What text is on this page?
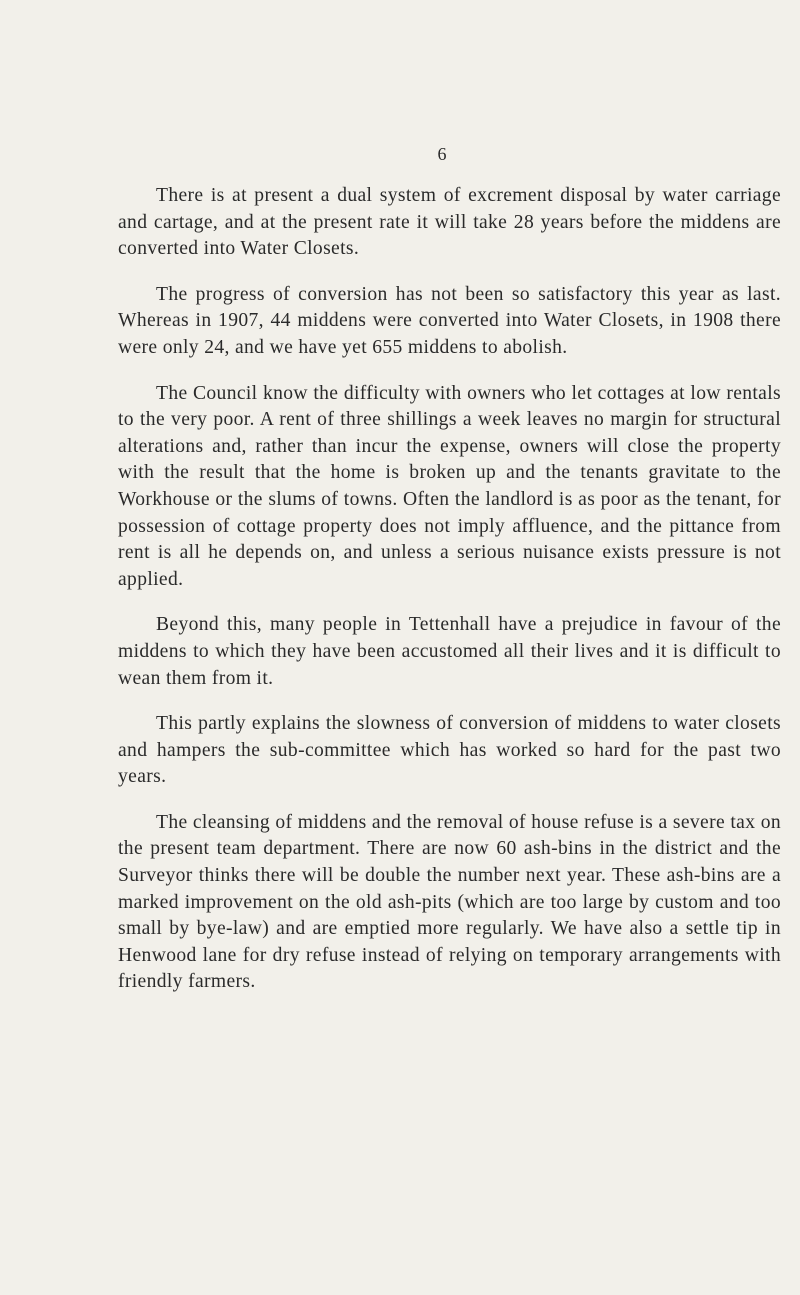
6

There is at present a dual system of excrement disposal by water carriage and cartage, and at the present rate it will take 28 years before the middens are converted into Water Closets.

The progress of conversion has not been so satisfactory this year as last. Whereas in 1907, 44 middens were converted into Water Closets, in 1908 there were only 24, and we have yet 655 middens to abolish.

The Council know the difficulty with owners who let cottages at low rentals to the very poor. A rent of three shillings a week leaves no margin for structural alterations and, rather than incur the expense, owners will close the property with the result that the home is broken up and the tenants gravitate to the Workhouse or the slums of towns. Often the landlord is as poor as the tenant, for possession of cottage property does not imply affluence, and the pittance from rent is all he depends on, and unless a serious nuisance exists pressure is not applied.

Beyond this, many people in Tettenhall have a prejudice in favour of the middens to which they have been accustomed all their lives and it is difficult to wean them from it.

This partly explains the slowness of conversion of middens to water closets and hampers the sub-committee which has worked so hard for the past two years.

The cleansing of middens and the removal of house refuse is a severe tax on the present team department. There are now 60 ash-bins in the district and the Surveyor thinks there will be double the number next year. These ash-bins are a marked improvement on the old ash-pits (which are too large by custom and too small by bye-law) and are emptied more regularly. We have also a settle tip in Henwood lane for dry refuse instead of relying on temporary arrangements with friendly farmers.
